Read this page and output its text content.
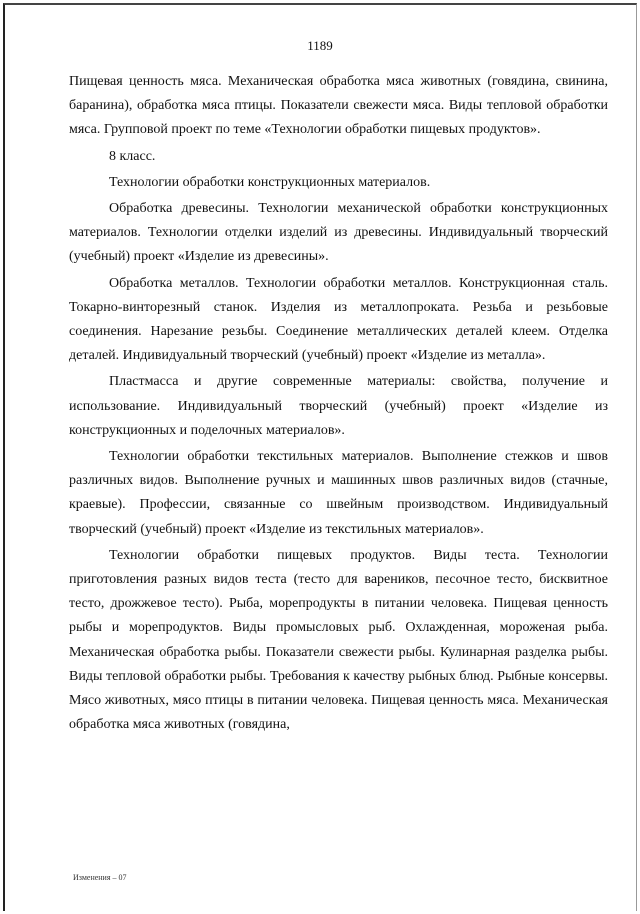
1189

Пищевая ценность мяса. Механическая обработка мяса животных (говядина, свинина, баранина), обработка мяса птицы. Показатели свежести мяса. Виды тепловой обработки мяса. Групповой проект по теме «Технологии обработки пищевых продуктов».

8 класс.

Технологии обработки конструкционных материалов.

Обработка древесины. Технологии механической обработки конструкционных материалов. Технологии отделки изделий из древесины. Индивидуальный творческий (учебный) проект «Изделие из древесины».

Обработка металлов. Технологии обработки металлов. Конструкционная сталь. Токарно-винторезный станок. Изделия из металлопроката. Резьба и резьбовые соединения. Нарезание резьбы. Соединение металлических деталей клеем. Отделка деталей. Индивидуальный творческий (учебный) проект «Изделие из металла».

Пластмасса и другие современные материалы: свойства, получение и использование. Индивидуальный творческий (учебный) проект «Изделие из конструкционных и поделочных материалов».

Технологии обработки текстильных материалов. Выполнение стежков и швов различных видов. Выполнение ручных и машинных швов различных видов (стачные, краевые). Профессии, связанные со швейным производством. Индивидуальный творческий (учебный) проект «Изделие из текстильных материалов».

Технологии обработки пищевых продуктов. Виды теста. Технологии приготовления разных видов теста (тесто для вареников, песочное тесто, бисквитное тесто, дрожжевое тесто). Рыба, морепродукты в питании человека. Пищевая ценность рыбы и морепродуктов. Виды промысловых рыб. Охлажденная, мороженая рыба. Механическая обработка рыбы. Показатели свежести рыбы. Кулинарная разделка рыбы. Виды тепловой обработки рыбы. Требования к качеству рыбных блюд. Рыбные консервы. Мясо животных, мясо птицы в питании человека. Пищевая ценность мяса. Механическая обработка мяса животных (говядина,

Изменения – 07
